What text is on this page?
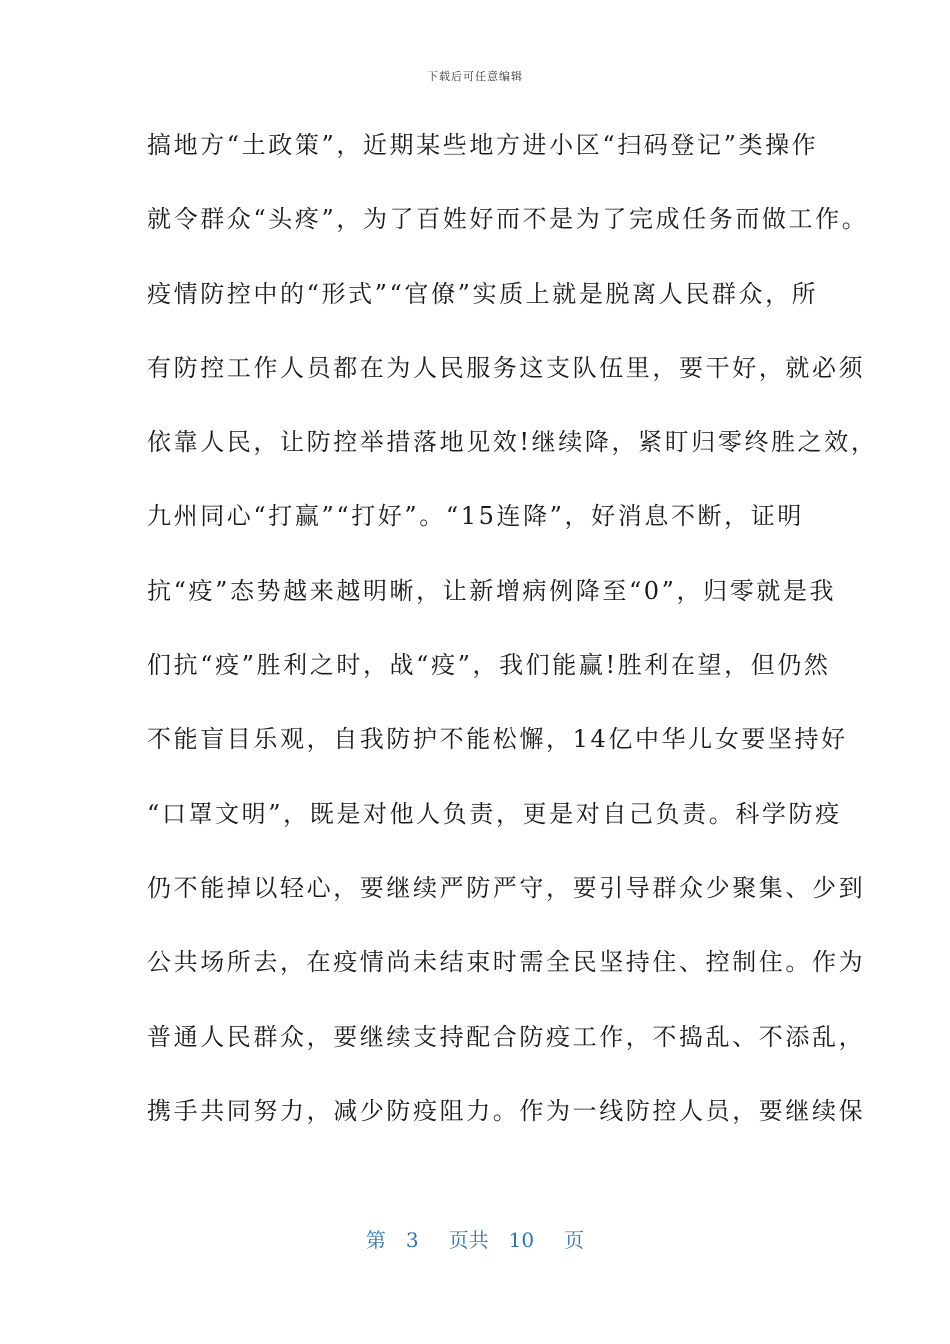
下载后可任意编辑
搞地方“土政策”，近期某些地方进小区“扫码登记”类操作
就令群众“头疼”，为了百姓好而不是为了完成任务而做工作。
疫情防控中的“形式”“官僚”实质上就是脱离人民群众，所
有防控工作人员都在为人民服务这支队伍里，要干好，就必须
依靠人民，让防控举措落地见效!继续降，紧盯归零终胜之效，
九州同心“打赢”“打好”。“15连降”，好消息不断，证明
抗“疫”态势越来越明晰，让新增病例降至“0”，归零就是我
们抗“疫”胜利之时，战“疫”，我们能赢!胜利在望，但仍然
不能盲目乐观，自我防护不能松懈，14亿中华儿女要坚持好
“口罩文明”，既是对他人负责，更是对自己负责。科学防疫
仍不能掉以轻心，要继续严防严守，要引导群众少聚集、少到
公共场所去，在疫情尚未结束时需全民坚持住、控制住。作为
普通人民群众，要继续支持配合防疫工作，不捣乱、不添乱，
携手共同努力，减少防疫阻力。作为一线防控人员，要继续保
第 3 页共 10 页
